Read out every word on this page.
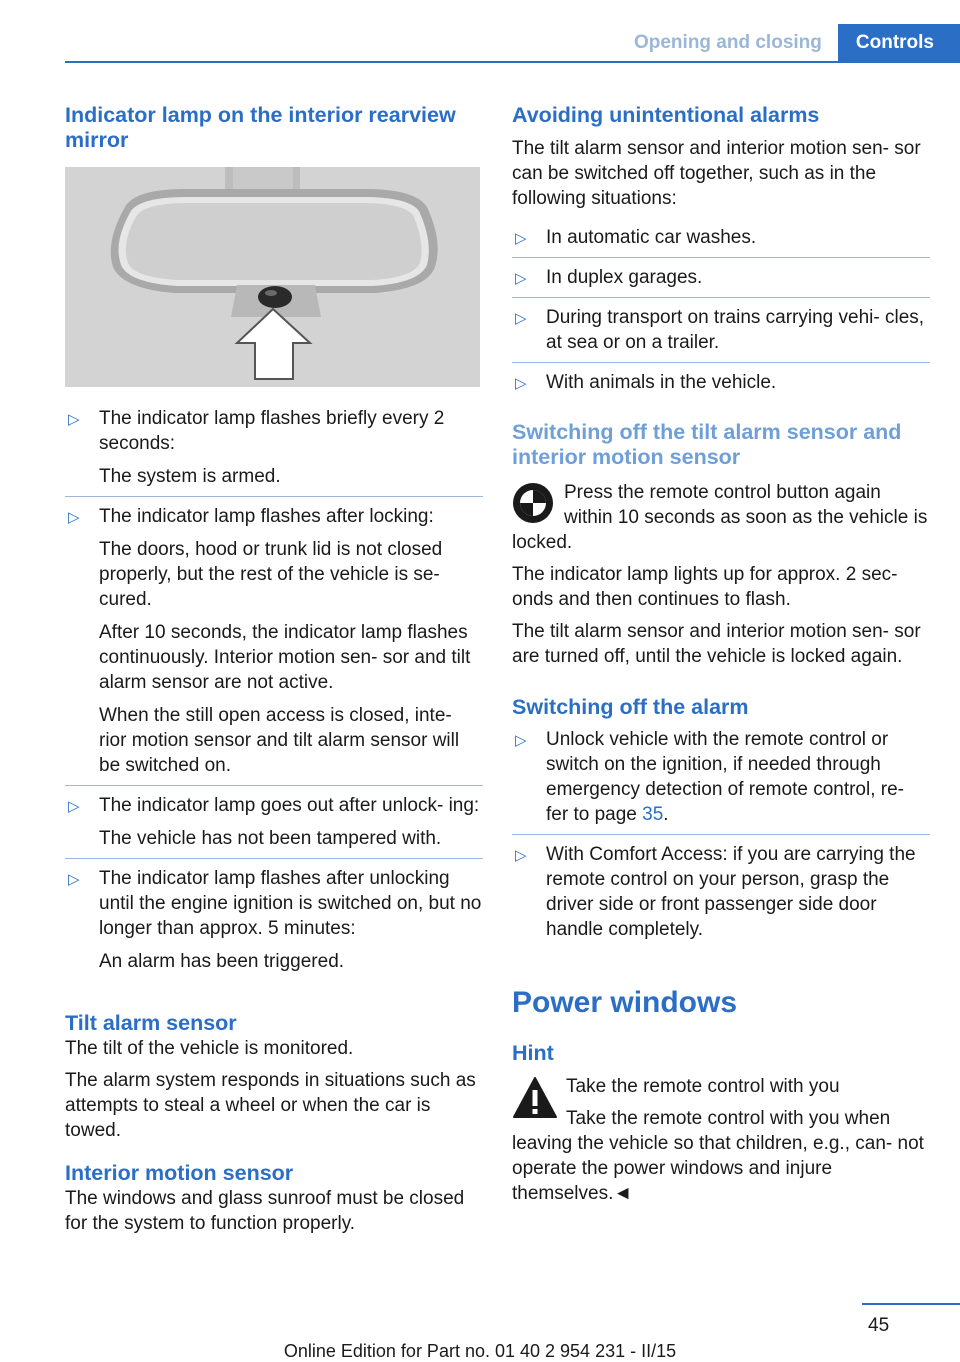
Opening and closing	Controls
Indicator lamp on the interior rearview mirror
▷ The indicator lamp flashes briefly every 2 seconds:

The system is armed.

▷ The indicator lamp flashes after locking:

The doors, hood or trunk lid is not closed properly, but the rest of the vehicle is se‐ cured.

After 10 seconds, the indicator lamp flashes continuously. Interior motion sen‐ sor and tilt alarm sensor are not active.

When the still open access is closed, inte‐ rior motion sensor and tilt alarm sensor will be switched on.

▷ The indicator lamp goes out after unlock‐ ing:

The vehicle has not been tampered with.

▷ The indicator lamp flashes after unlocking until the engine ignition is switched on, but no longer than approx. 5 minutes:

An alarm has been triggered.

Tilt alarm sensor

The tilt of the vehicle is monitored.

The alarm system responds in situations such as attempts to steal a wheel or when the car is towed.

Interior motion sensor

The windows and glass sunroof must be closed for the system to function properly.

Avoiding unintentional alarms

The tilt alarm sensor and interior motion sen‐ sor can be switched off together, such as in the following situations:

▷ In automatic car washes.

▷ In duplex garages.

▷ During transport on trains carrying vehi‐ cles, at sea or on a trailer.

▷ With animals in the vehicle.

Switching off the tilt alarm sensor and interior motion sensor

Press the remote control button again within 10 seconds as soon as the vehicle is locked.

The indicator lamp lights up for approx. 2 sec‐ onds and then continues to flash.

The tilt alarm sensor and interior motion sen‐ sor are turned off, until the vehicle is locked again.

Switching off the alarm
▷ Unlock vehicle with the remote control or switch on the ignition, if needed through emergency detection of remote control, re‐ fer to page 35.

▷ With Comfort Access: if you are carrying the remote control on your person, grasp the driver side or front passenger side door handle completely.

Power windows
Hint

Take the remote control with you

Take the remote control with you when leaving the vehicle so that children, e.g., can‐ not operate the power windows and injure themselves.◄

45
Online Edition for Part no. 01 40 2 954 231 - II/15
